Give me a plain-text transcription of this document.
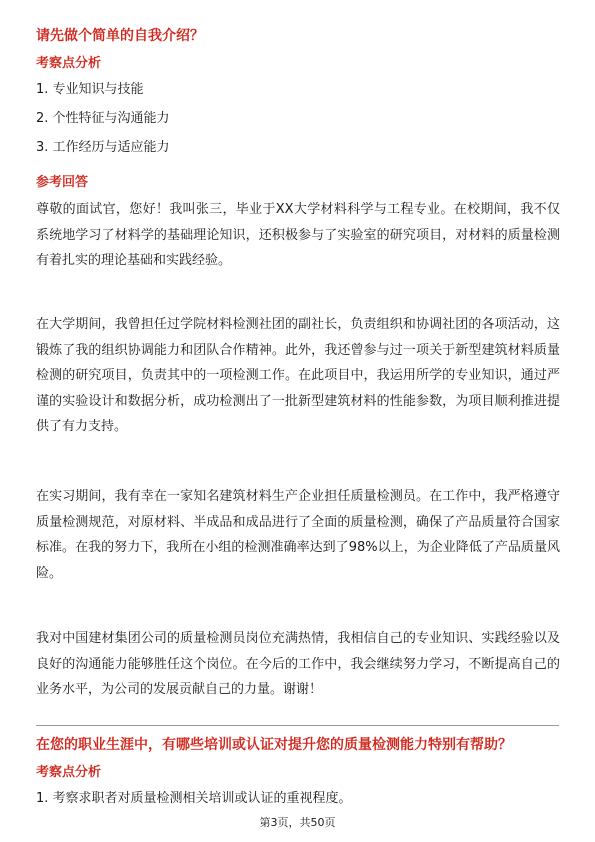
请先做个简单的自我介绍？
考察点分析
1. 专业知识与技能
2. 个性特征与沟通能力
3. 工作经历与适应能力
参考回答
尊敬的面试官，您好！我叫张三，毕业于XX大学材料科学与工程专业。在校期间，我不仅系统地学习了材料学的基础理论知识，还积极参与了实验室的研究项目，对材料的质量检测有着扎实的理论基础和实践经验。
在大学期间，我曾担任过学院材料检测社团的副社长，负责组织和协调社团的各项活动，这锻炼了我的组织协调能力和团队合作精神。此外，我还曾参与过一项关于新型建筑材料质量检测的研究项目，负责其中的一项检测工作。在此项目中，我运用所学的专业知识，通过严谨的实验设计和数据分析，成功检测出了一批新型建筑材料的性能参数，为项目顺利推进提供了有力支持。
在实习期间，我有幸在一家知名建筑材料生产企业担任质量检测员。在工作中，我严格遵守质量检测规范，对原材料、半成品和成品进行了全面的质量检测，确保了产品质量符合国家标准。在我的努力下，我所在小组的检测准确率达到了98%以上，为企业降低了产品质量风险。
我对中国建材集团公司的质量检测员岗位充满热情，我相信自己的专业知识、实践经验以及良好的沟通能力能够胜任这个岗位。在今后的工作中，我会继续努力学习，不断提高自己的业务水平，为公司的发展贡献自己的力量。谢谢！
在您的职业生涯中，有哪些培训或认证对提升您的质量检测能力特别有帮助？
考察点分析
1. 考察求职者对质量检测相关培训或认证的重视程度。
第3页，共50页
